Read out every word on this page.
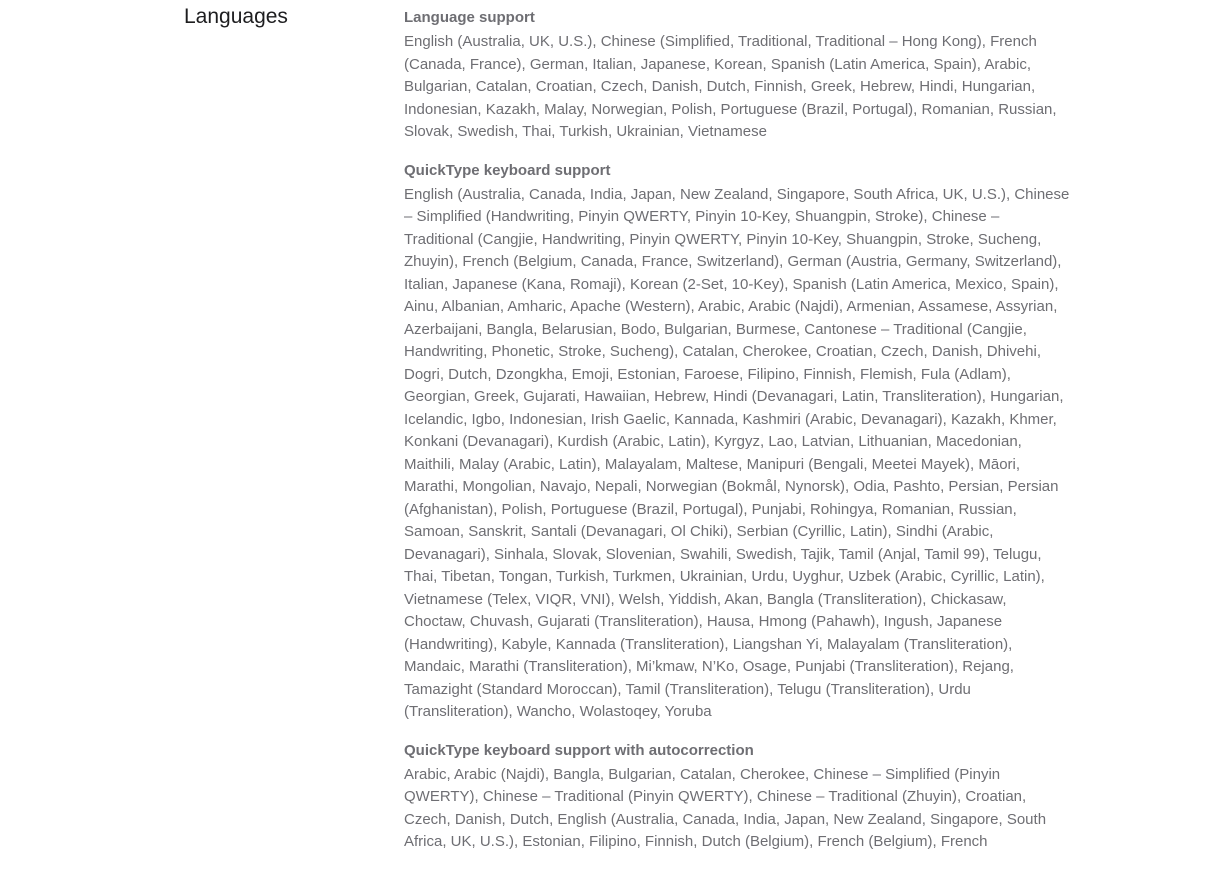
Languages	Language support

English (Australia, UK, U.S.), Chinese (Simplified, Traditional, Traditional – Hong Kong), French (Canada, France), German, Italian, Japanese, Korean, Spanish (Latin America, Spain), Arabic, Bulgarian, Catalan, Croatian, Czech, Danish, Dutch, Finnish, Greek, Hebrew, Hindi, Hungarian, Indonesian, Kazakh, Malay, Norwegian, Polish, Portuguese (Brazil, Portugal), Romanian, Russian, Slovak, Swedish, Thai, Turkish, Ukrainian, Vietnamese

QuickType keyboard support

English (Australia, Canada, India, Japan, New Zealand, Singapore, South Africa, UK, U.S.), Chinese – Simplified (Handwriting, Pinyin QWERTY, Pinyin 10-Key, Shuangpin, Stroke), Chinese – Traditional (Cangjie, Handwriting, Pinyin QWERTY, Pinyin 10-Key, Shuangpin, Stroke, Sucheng, Zhuyin), French (Belgium, Canada, France, Switzerland), German (Austria, Germany, Switzerland), Italian, Japanese (Kana, Romaji), Korean (2-Set, 10-Key), Spanish (Latin America, Mexico, Spain), Ainu, Albanian, Amharic, Apache (Western), Arabic, Arabic (Najdi), Armenian, Assamese, Assyrian, Azerbaijani, Bangla, Belarusian, Bodo, Bulgarian, Burmese, Cantonese – Traditional (Cangjie, Handwriting, Phonetic, Stroke, Sucheng), Catalan, Cherokee, Croatian, Czech, Danish, Dhivehi, Dogri, Dutch, Dzongkha, Emoji, Estonian, Faroese, Filipino, Finnish, Flemish, Fula (Adlam), Georgian, Greek, Gujarati, Hawaiian, Hebrew, Hindi (Devanagari, Latin, Transliteration), Hungarian, Icelandic, Igbo, Indonesian, Irish Gaelic, Kannada, Kashmiri (Arabic, Devanagari), Kazakh, Khmer, Konkani (Devanagari), Kurdish (Arabic, Latin), Kyrgyz, Lao, Latvian, Lithuanian, Macedonian, Maithili, Malay (Arabic, Latin), Malayalam, Maltese, Manipuri (Bengali, Meetei Mayek), Māori, Marathi, Mongolian, Navajo, Nepali, Norwegian (Bokmål, Nynorsk), Odia, Pashto, Persian, Persian (Afghanistan), Polish, Portuguese (Brazil, Portugal), Punjabi, Rohingya, Romanian, Russian, Samoan, Sanskrit, Santali (Devanagari, Ol Chiki), Serbian (Cyrillic, Latin), Sindhi (Arabic, Devanagari), Sinhala, Slovak, Slovenian, Swahili, Swedish, Tajik, Tamil (Anjal, Tamil 99), Telugu, Thai, Tibetan, Tongan, Turkish, Turkmen, Ukrainian, Urdu, Uyghur, Uzbek (Arabic, Cyrillic, Latin), Vietnamese (Telex, VIQR, VNI), Welsh, Yiddish, Akan, Bangla (Transliteration), Chickasaw, Choctaw, Chuvash, Gujarati (Transliteration), Hausa, Hmong (Pahawh), Ingush, Japanese (Handwriting), Kabyle, Kannada (Transliteration), Liangshan Yi, Malayalam (Transliteration), Mandaic, Marathi (Transliteration), Mi’kmaw, N’Ko, Osage, Punjabi (Transliteration), Rejang, Tamazight (Standard Moroccan), Tamil (Transliteration), Telugu (Transliteration), Urdu (Transliteration), Wancho, Wolastoqey, Yoruba

QuickType keyboard support with autocorrection

Arabic, Arabic (Najdi), Bangla, Bulgarian, Catalan, Cherokee, Chinese – Simplified (Pinyin QWERTY), Chinese – Traditional (Pinyin QWERTY), Chinese – Traditional (Zhuyin), Croatian, Czech, Danish, Dutch, English (Australia, Canada, India, Japan, New Zealand, Singapore, South Africa, UK, U.S.), Estonian, Filipino, Finnish, Dutch (Belgium), French (Belgium), French
